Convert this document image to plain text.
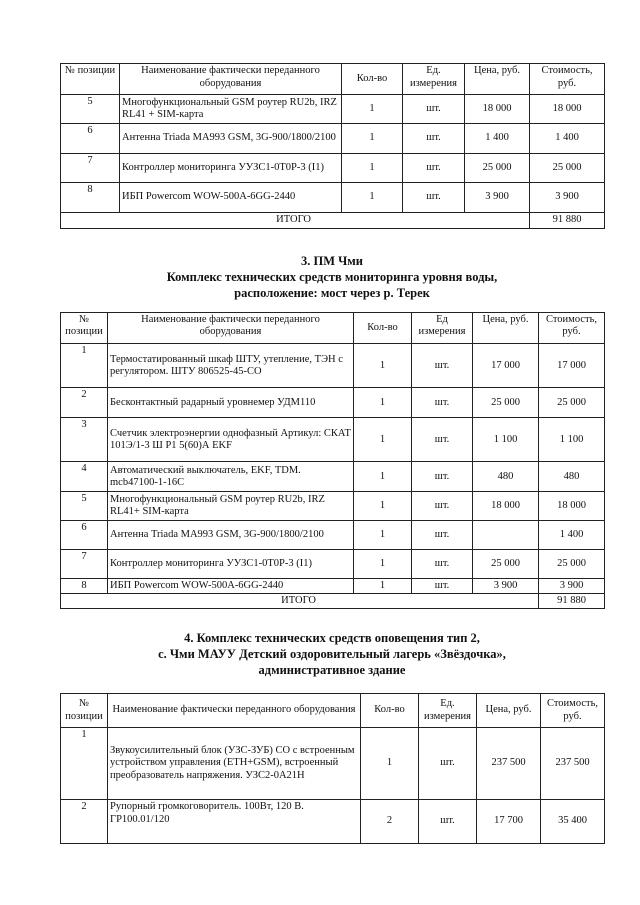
№ позиции	Наименование фактически переданного оборудования	Кол-во	Ед. измерения	Цена, руб.	Стоимость, руб.
5	Многофункциональный GSM роутер RU2b, IRZ RL41 + SIM-карта	1	шт.	18 000	18 000
6	Антенна Triada MA993 GSM, 3G-900/1800/2100	1	шт.	1 400	1 400
7	Контроллер мониторинга УУЗС1-0Т0Р-3 (I1)	1	шт.	25 000	25 000
8	ИБП Powercom WOW-500A-6GG-2440	1	шт.	3 900	3 900
ИТОГО					91 880
3. ПМ Чми
Комплекс технических средств мониторинга уровня воды,
расположение: мост через р. Терек
№ позиции	Наименование фактически переданного оборудования	Кол-во	Ед измерения	Цена, руб.	Стоимость, руб.
1	Термостатированный шкаф ШТУ, утепление, ТЭН с регулятором. ШТУ 806525-45-СО	1	шт.	17 000	17 000
2	Бесконтактный радарный уровнемер УДМ110	1	шт.	25 000	25 000
3	Счетчик электроэнергии однофазный Артикул: СКАТ 101Э/1-3 Ш Р1 5(60)А EKF	1	шт.	1 100	1 100
4	Автоматический выключатель, EKF, TDM. mcb47100-1-16C	1	шт.	480	480
5	Многофункциональный GSM роутер RU2b, IRZ RL41+ SIM-карта	1	шт.	18 000	18 000
6	Антенна Triada MA993 GSM, 3G-900/1800/2100	1	шт.		1 400
7	Контроллер мониторинга УУЗС1-0Т0Р-3 (I1)	1	шт.	25 000	25 000
8	ИБП Powercom WOW-500A-6GG-2440	1	шт.	3 900	3 900
ИТОГО					91 880
4. Комплекс технических средств оповещения тип 2,
с. Чми МАУУ Детский оздоровительный лагерь «Звёздочка»,
административное здание
№ позиции	Наименование фактически переданного оборудования	Кол-во	Ед. измерения	Цена, руб.	Стоимость, руб.
1	Звукоусилительный блок (УЗС-ЗУБ) СО с встроенным устройством управления (ETH+GSM), встроенный преобразователь напряжения. УЗС2-0А21Н	1	шт.	237 500	237 500
2	Рупорный громкоговоритель. 100Вт, 120 В. ГР100.01/120	2	шт.	17 700	35 400
